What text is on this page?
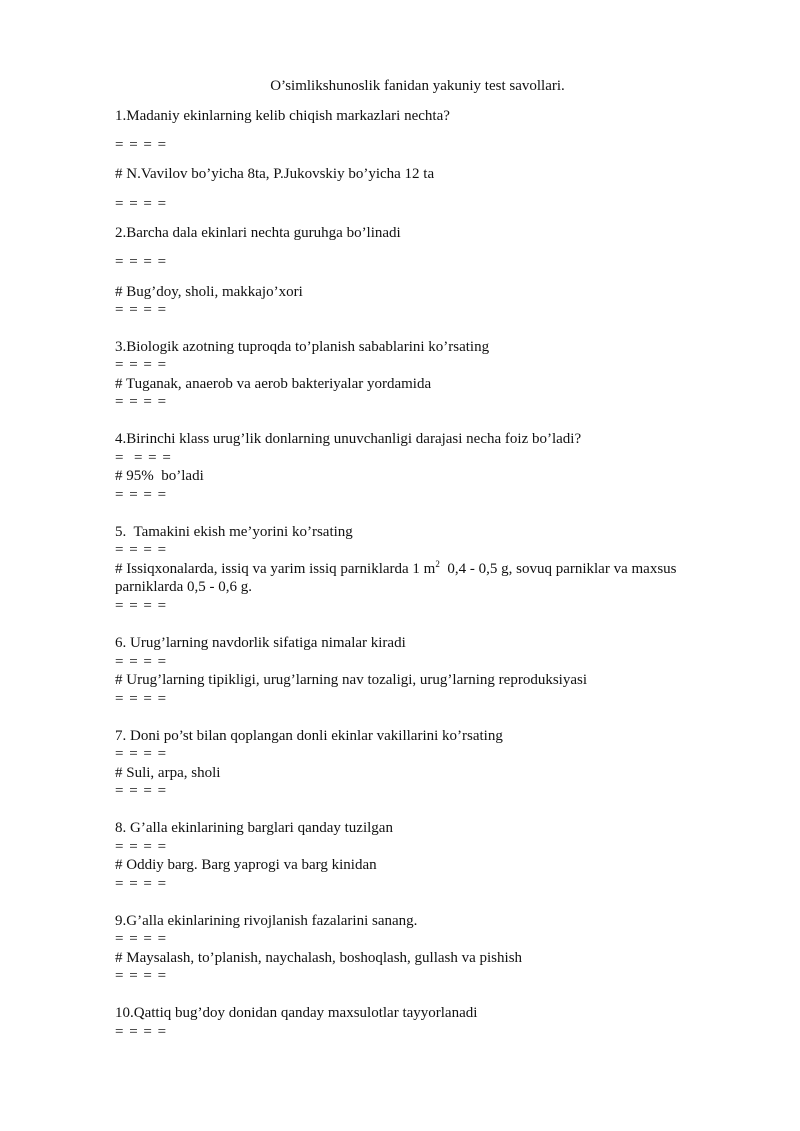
O’simlikshunoslik fanidan yakuniy test savollari.
1.Madaniy ekinlarning kelib chiqish markazlari nechta?
= = = =
# N.Vavilov bo’yicha 8ta, P.Jukovskiy bo’yicha 12 ta
= = = =
2.Barcha dala ekinlari nechta guruhga bo’linadi
= = = =
# Bug’doy, sholi, makkajo’xori
= = = =
3.Biologik azotning tuproqda to’planish sabablarini ko’rsating
= = = =
# Tuganak, anaerob va aerob bakteriyalar yordamida
= = = =
4.Birinchi klass urug’lik donlarning unuvchanligi darajasi necha foiz bo’ladi?
=  = = =
# 95%  bo’ladi
= = = =
5.  Tamakini ekish me’yorini ko’rsating
= = = =
# Issiqxonalarda, issiq va yarim issiq parniklarda 1 $m^2$  0,4 - 0,5 g, sovuq parniklar va maxsus
parniklarda 0,5 - 0,6 g.
= = = =
6. Urug’larning navdorlik sifatiga nimalar kiradi
= = = =
# Urug’larning tipikligi, urug’larning nav tozaligi, urug’larning reproduksiyasi
= = = =
7. Doni po’st bilan qoplangan donli ekinlar vakillarini ko’rsating
= = = =
# Suli, arpa, sholi
= = = =
8. G’alla ekinlarining barglari qanday tuzilgan
= = = =
# Oddiy barg. Barg yaprogi va barg kinidan
= = = =
9.G’alla ekinlarining rivojlanish fazalarini sanang.
= = = =
# Maysalash, to’planish, naychalash, boshoqlash, gullash va pishish
= = = =
10.Qattiq bug’doy donidan qanday maxsulotlar tayyorlanadi
= = = =
